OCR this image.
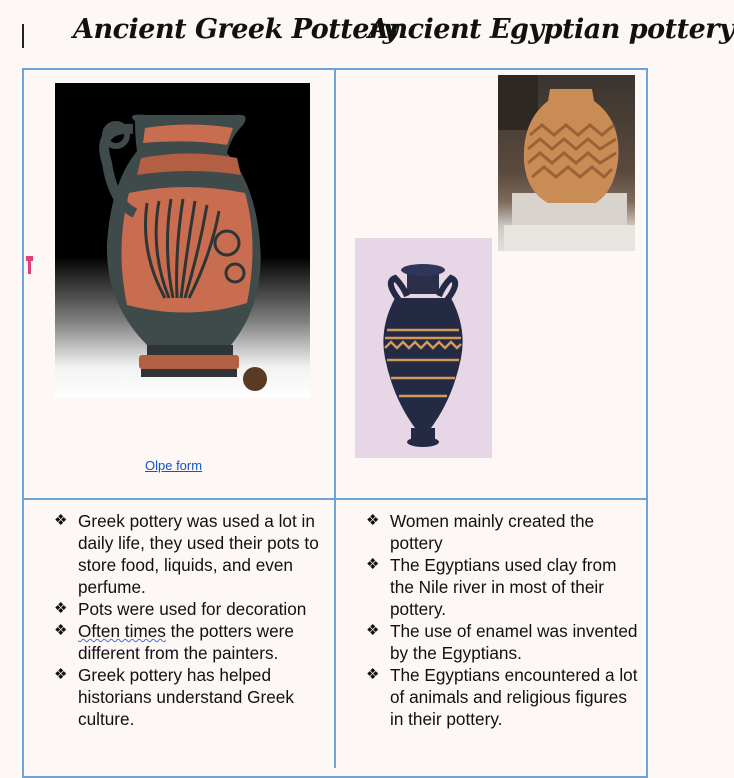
Ancient Greek Pottery
Ancient Egyptian pottery
Olpe form
❖ Greek pottery was used a lot in daily life, they used their pots to store food, liquids, and even perfume.
❖ Pots were used for decoration
❖ Often times the potters were different from the painters.
❖ Greek pottery has helped historians understand Greek culture.
❖ Women mainly created the pottery
❖ The Egyptians used clay from the Nile river in most of their pottery.
❖ The use of enamel was invented by the Egyptians.
❖ The Egyptians encountered a lot of animals and religious figures in their pottery.
